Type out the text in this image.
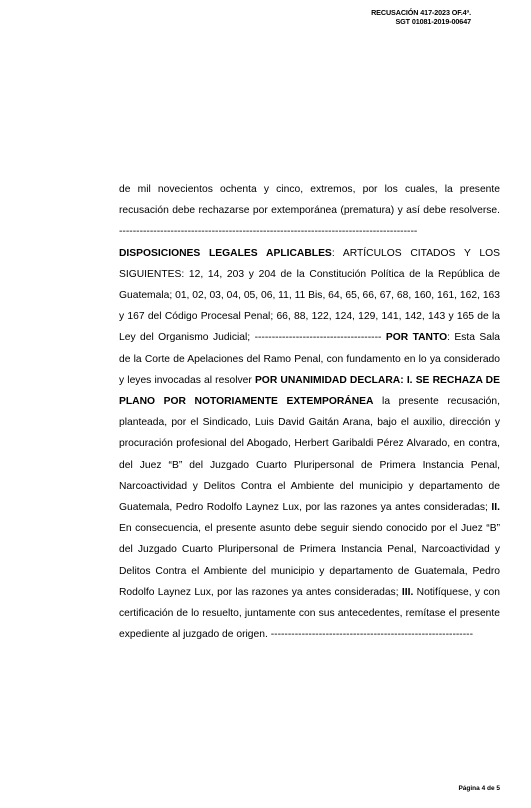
RECUSACIÓN 417-2023 OF.4ª.
SGT 01081-2019-00647

de mil novecientos ochenta y cinco, extremos, por los cuales, la presente recusación debe rechazarse por extemporánea (prematura) y así debe resolverse. ---------------------------------------------------------------------------------------

DISPOSICIONES LEGALES APLICABLES: ARTÍCULOS CITADOS Y LOS SIGUIENTES: 12, 14, 203 y 204 de la Constitución Política de la República de Guatemala; 01, 02, 03, 04, 05, 06, 11, 11 Bis, 64, 65, 66, 67, 68, 160, 161, 162, 163 y 167 del Código Procesal Penal; 66, 88, 122, 124, 129, 141, 142, 143 y 165 de la Ley del Organismo Judicial; ------------------------------------- POR TANTO: Esta Sala de la Corte de Apelaciones del Ramo Penal, con fundamento en lo ya considerado y leyes invocadas al resolver POR UNANIMIDAD DECLARA: I. SE RECHAZA DE PLANO POR NOTORIAMENTE EXTEMPORÁNEA la presente recusación, planteada, por el Sindicado, Luis David Gaitán Arana, bajo el auxilio, dirección y procuración profesional del Abogado, Herbert Garibaldi Pérez Alvarado, en contra, del Juez “B” del Juzgado Cuarto Pluripersonal de Primera Instancia Penal, Narcoactividad y Delitos Contra el Ambiente del municipio y departamento de Guatemala, Pedro Rodolfo Laynez Lux, por las razones ya antes consideradas; II. En consecuencia, el presente asunto debe seguir siendo conocido por el Juez “B” del Juzgado Cuarto Pluripersonal de Primera Instancia Penal, Narcoactividad y Delitos Contra el Ambiente del municipio y departamento de Guatemala, Pedro Rodolfo Laynez Lux, por las razones ya antes consideradas; III. Notifíquese, y con certificación de lo resuelto, juntamente con sus antecedentes, remítase el presente expediente al juzgado de origen. -----------------------------------------------------------

Página 4 de 5
